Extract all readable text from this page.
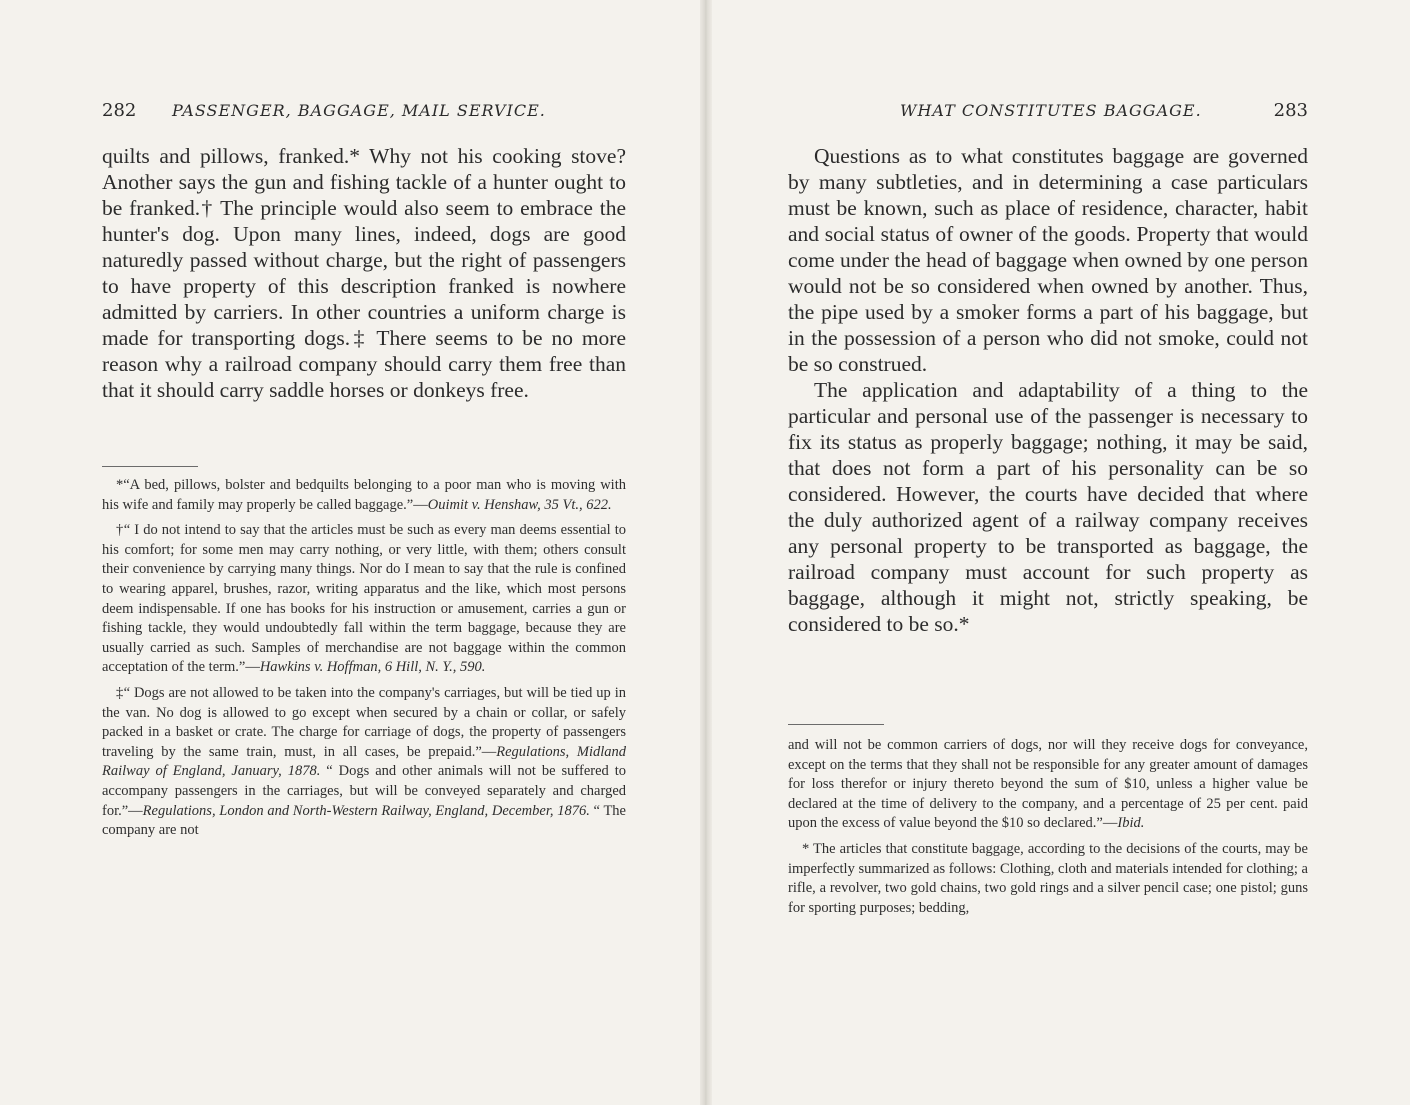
282 PASSENGER, BAGGAGE, MAIL SERVICE.

quilts and pillows, franked.* Why not his cooking stove? Another says the gun and fishing tackle of a hunter ought to be franked.† The principle would also seem to embrace the hunter's dog. Upon many lines, indeed, dogs are good naturedly passed without charge, but the right of passengers to have property of this description franked is nowhere admitted by carriers. In other countries a uniform charge is made for transporting dogs.‡ There seems to be no more reason why a railroad company should carry them free than that it should carry saddle horses or donkeys free.

*“A bed, pillows, bolster and bedquilts belonging to a poor man who is moving with his wife and family may properly be called baggage.”—Ouimit v. Henshaw, 35 Vt., 622.

†“ I do not intend to say that the articles must be such as every man deems essential to his comfort; for some men may carry nothing, or very little, with them; others consult their convenience by carrying many things. Nor do I mean to say that the rule is confined to wearing apparel, brushes, razor, writing apparatus and the like, which most persons deem indispensable. If one has books for his instruction or amusement, carries a gun or fishing tackle, they would undoubtedly fall within the term baggage, because they are usually carried as such. Samples of merchandise are not baggage within the common acceptation of the term.”—Hawkins v. Hoffman, 6 Hill, N. Y., 590.

‡“ Dogs are not allowed to be taken into the company's carriages, but will be tied up in the van. No dog is allowed to go except when secured by a chain or collar, or safely packed in a basket or crate. The charge for carriage of dogs, the property of passengers traveling by the same train, must, in all cases, be prepaid.”—Regulations, Midland Railway of England, January, 1878. “ Dogs and other animals will not be suffered to accompany passengers in the carriages, but will be conveyed separately and charged for.”—Regulations, London and North-Western Railway, England, December, 1876. “ The company are not

WHAT CONSTITUTES BAGGAGE.	283

Questions as to what constitutes baggage are governed by many subtleties, and in determining a case particulars must be known, such as place of residence, character, habit and social status of owner of the goods. Property that would come under the head of baggage when owned by one person would not be so considered when owned by another. Thus, the pipe used by a smoker forms a part of his baggage, but in the possession of a person who did not smoke, could not be so construed.

The application and adaptability of a thing to the particular and personal use of the passenger is necessary to fix its status as properly baggage; nothing, it may be said, that does not form a part of his personality can be so considered. However, the courts have decided that where the duly authorized agent of a railway company receives any personal property to be transported as baggage, the railroad company must account for such property as baggage, although it might not, strictly speaking, be considered to be so.*

and will not be common carriers of dogs, nor will they receive dogs for conveyance, except on the terms that they shall not be responsible for any greater amount of damages for loss therefor or injury thereto beyond the sum of $10, unless a higher value be declared at the time of delivery to the company, and a percentage of 25 per cent. paid upon the excess of value beyond the $10 so declared.”—Ibid.

* The articles that constitute baggage, according to the decisions of the courts, may be imperfectly summarized as follows: Clothing, cloth and materials intended for clothing; a rifle, a revolver, two gold chains, two gold rings and a silver pencil case; one pistol; guns for sporting purposes; bedding,
